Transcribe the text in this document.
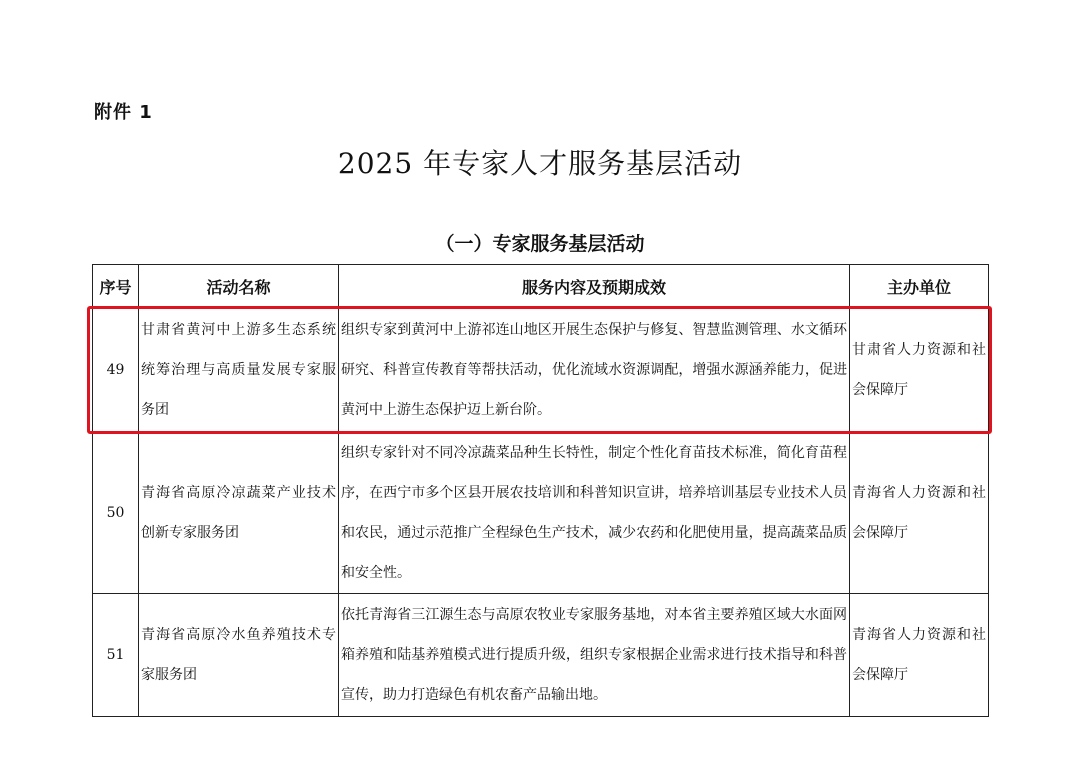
附件 1
2025 年专家人才服务基层活动
（一）专家服务基层活动
序号	活动名称	服务内容及预期成效	主办单位
49	甘肃省黄河中上游多生态系统统筹治理与高质量发展专家服务团	组织专家到黄河中上游祁连山地区开展生态保护与修复、智慧监测管理、水文循环研究、科普宣传教育等帮扶活动，优化流域水资源调配，增强水源涵养能力，促进黄河中上游生态保护迈上新台阶。	甘肃省人力资源和社会保障厅
50	青海省高原冷凉蔬菜产业技术创新专家服务团	组织专家针对不同冷凉蔬菜品种生长特性，制定个性化育苗技术标准，简化育苗程序，在西宁市多个区县开展农技培训和科普知识宣讲，培养培训基层专业技术人员和农民，通过示范推广全程绿色生产技术，减少农药和化肥使用量，提高蔬菜品质和安全性。	青海省人力资源和社会保障厅
51	青海省高原冷水鱼养殖技术专家服务团	依托青海省三江源生态与高原农牧业专家服务基地，对本省主要养殖区域大水面网箱养殖和陆基养殖模式进行提质升级，组织专家根据企业需求进行技术指导和科普宣传，助力打造绿色有机农畜产品输出地。	青海省人力资源和社会保障厅
